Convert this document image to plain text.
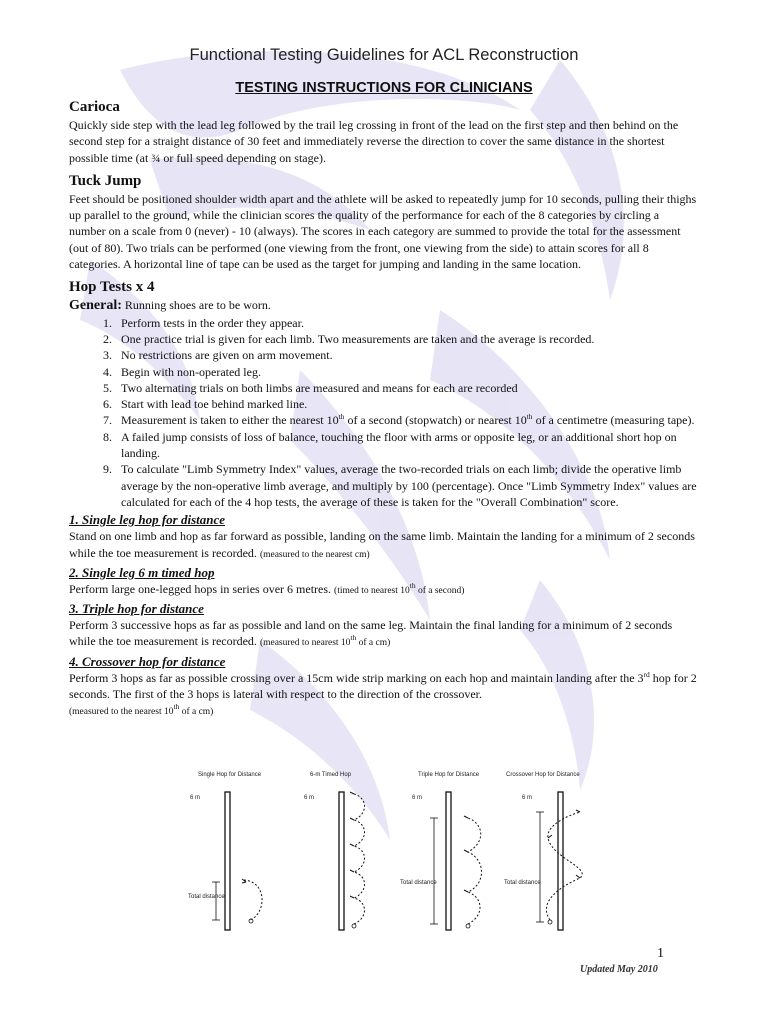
Functional Testing Guidelines for ACL Reconstruction
TESTING INSTRUCTIONS FOR CLINICIANS
Carioca

Quickly side step with the lead leg followed by the trail leg crossing in front of the lead on the first step and then behind on the second step for a straight distance of 30 feet and immediately reverse the direction to cover the same distance in the shortest possible time (at ¾ or full speed depending on stage).

Tuck Jump

Feet should be positioned shoulder width apart and the athlete will be asked to repeatedly jump for 10 seconds, pulling their thighs up parallel to the ground, while the clinician scores the quality of the performance for each of the 8 categories by circling a number on a scale from 0 (never) - 10 (always). The scores in each category are summed to provide the total for the assessment (out of 80). Two trials can be performed (one viewing from the front, one viewing from the side) to attain scores for all 8 categories. A horizontal line of tape can be used as the target for jumping and landing in the same location.

Hop Tests x 4

General: Running shoes are to be worn.

1. Perform tests in the order they appear.
2. One practice trial is given for each limb. Two measurements are taken and the average is recorded.
3. No restrictions are given on arm movement.
4. Begin with non-operated leg.
5. Two alternating trials on both limbs are measured and means for each are recorded
6. Start with lead toe behind marked line.
7. Measurement is taken to either the nearest 10th of a second (stopwatch) or nearest 10th of a centimetre (measuring tape).
8. A failed jump consists of loss of balance, touching the floor with arms or opposite leg, or an additional short hop on landing.
9. To calculate "Limb Symmetry Index" values, average the two-recorded trials on each limb; divide the operative limb average by the non-operative limb average, and multiply by 100 (percentage). Once "Limb Symmetry Index" values are calculated for each of the 4 hop tests, the average of these is taken for the "Overall Combination" score.
1. Single leg hop for distance

Stand on one limb and hop as far forward as possible, landing on the same limb. Maintain the landing for a minimum of 2 seconds while the toe measurement is recorded. (measured to the nearest cm)

2. Single leg 6 m timed hop

Perform large one-legged hops in series over 6 metres. (timed to nearest 10th of a second)

3. Triple hop for distance

Perform 3 successive hops as far as possible and land on the same leg. Maintain the final landing for a minimum of 2 seconds while the toe measurement is recorded. (measured to nearest 10th of a cm)

4. Crossover hop for distance

Perform 3 hops as far as possible crossing over a 15cm wide strip marking on each hop and maintain landing after the 3rd hop for 2 seconds. The first of the 3 hops is lateral with respect to the direction of the crossover.

(measured to the nearest 10th of a cm)

Single Hop for Distance
6 m
Total distance
6-m Timed Hop
6 m
Triple Hop for Distance
6 m
Total distance
Crossover Hop for Distance
6 m
Total distance
1
Updated May 2010
